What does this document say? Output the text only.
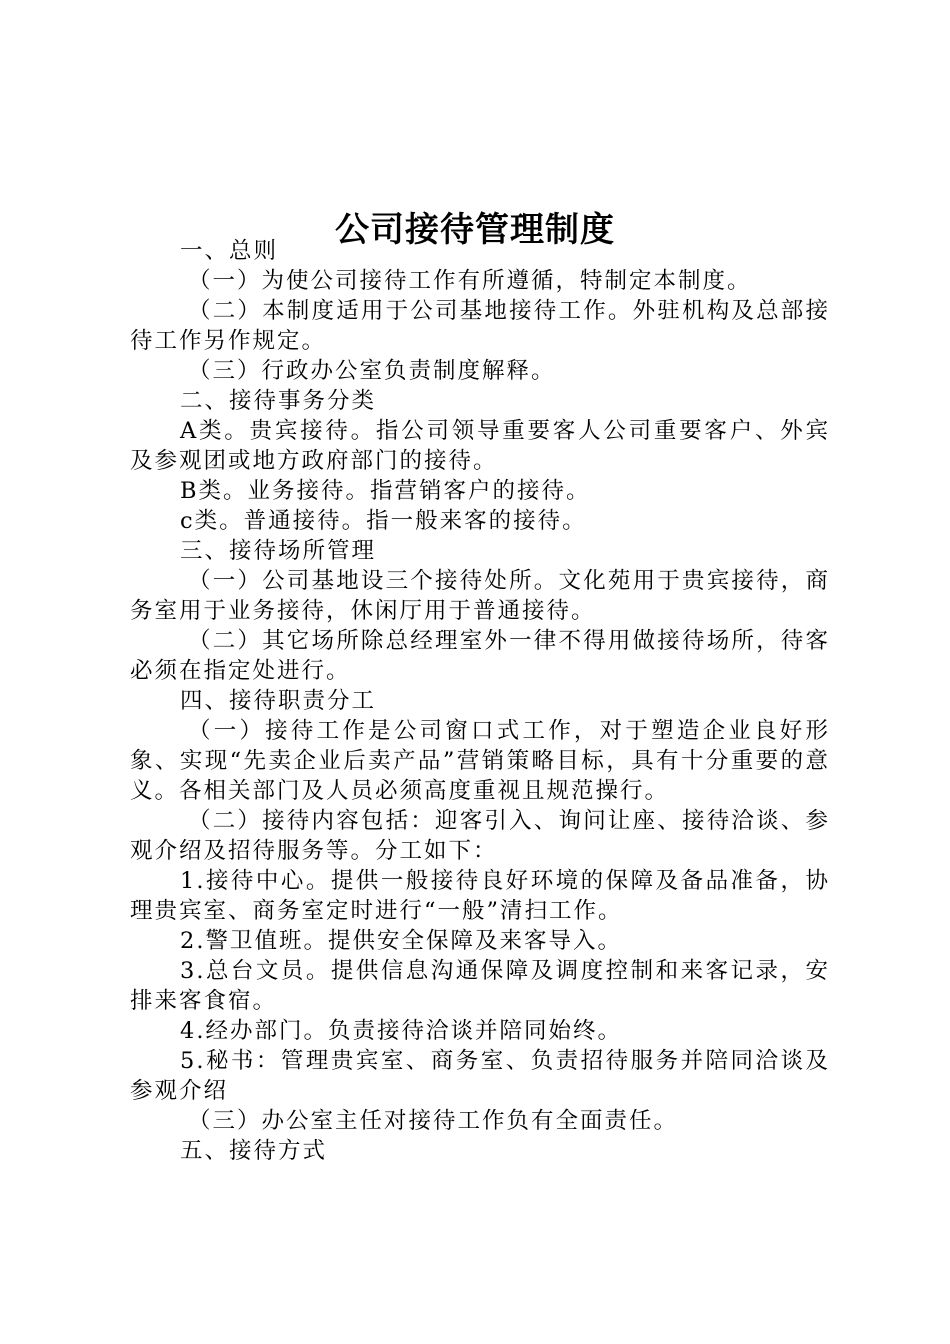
公司接待管理制度

一、总则

（一）为使公司接待工作有所遵循，特制定本制度。

（二）本制度适用于公司基地接待工作。外驻机构及总部接待工作另作规定。

（三）行政办公室负责制度解释。

二、接待事务分类

A类。贵宾接待。指公司领导重要客人公司重要客户、外宾及参观团或地方政府部门的接待。

B类。业务接待。指营销客户的接待。

c类。普通接待。指一般来客的接待。

三、接待场所管理

（一）公司基地设三个接待处所。文化苑用于贵宾接待，商务室用于业务接待，休闲厅用于普通接待。

（二）其它场所除总经理室外一律不得用做接待场所，待客必须在指定处进行。

四、接待职责分工

（一）接待工作是公司窗口式工作，对于塑造企业良好形象、实现“先卖企业后卖产品”营销策略目标，具有十分重要的意义。各相关部门及人员必须高度重视且规范操行。

（二）接待内容包括：迎客引入、询问让座、接待洽谈、参观介绍及招待服务等。分工如下：

1.接待中心。提供一般接待良好环境的保障及备品准备，协理贵宾室、商务室定时进行“一般”清扫工作。

2.警卫值班。提供安全保障及来客导入。

3.总台文员。提供信息沟通保障及调度控制和来客记录，安排来客食宿。

4.经办部门。负责接待洽谈并陪同始终。

5.秘书：管理贵宾室、商务室、负责招待服务并陪同洽谈及参观介绍

（三）办公室主任对接待工作负有全面责任。

五、接待方式
